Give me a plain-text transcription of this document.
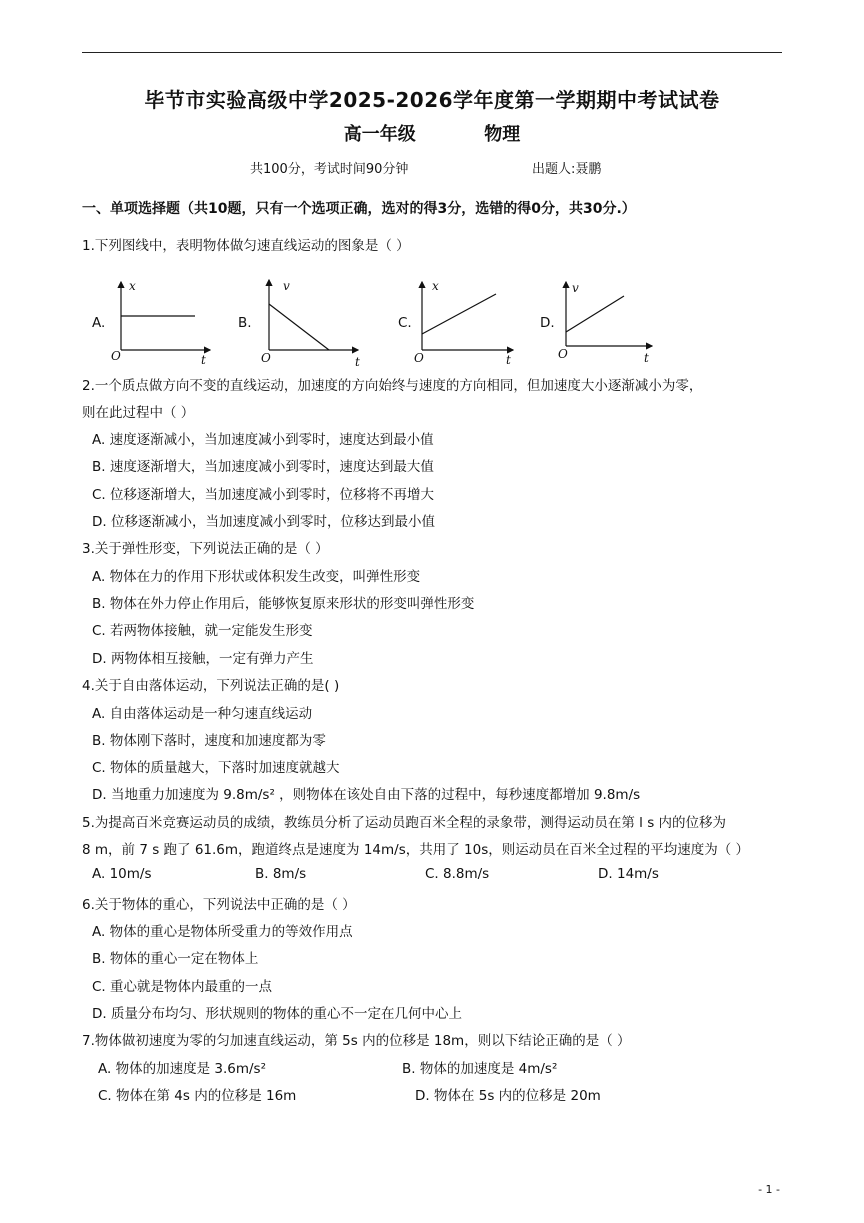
毕节市实验高级中学2025-2026学年度第一学期期中考试试卷
高一年级	物理
共100分，考试时间90分钟	出题人:聂鹏
一、单项选择题（共10题，只有一个选项正确，选对的得3分，选错的得0分，共30分.）
1.下列图线中，表明物体做匀速直线运动的图象是（ ）
A.
x
t
O
B.
v
t
O
C.
x
t
O
D.
v
t
O
2.一个质点做方向不变的直线运动，加速度的方向始终与速度的方向相同，但加速度大小逐渐减小为零，
则在此过程中（ ）
A. 速度逐渐减小，当加速度减小到零时，速度达到最小值
B. 速度逐渐增大，当加速度减小到零时，速度达到最大值
C. 位移逐渐增大，当加速度减小到零时，位移将不再增大
D. 位移逐渐减小，当加速度减小到零时，位移达到最小值
3.关于弹性形变，下列说法正确的是（ ）
A. 物体在力的作用下形状或体积发生改变，叫弹性形变
B. 物体在外力停止作用后，能够恢复原来形状的形变叫弹性形变
C. 若两物体接触，就一定能发生形变
D. 两物体相互接触，一定有弹力产生
4.关于自由落体运动，下列说法正确的是( )
A. 自由落体运动是一种匀速直线运动
B. 物体刚下落时，速度和加速度都为零
C. 物体的质量越大，下落时加速度就越大
D. 当地重力加速度为 9.8m/s² ，则物体在该处自由下落的过程中，每秒速度都增加 9.8m/s
5.为提高百米竞赛运动员的成绩，教练员分析了运动员跑百米全程的录象带，测得运动员在第 l s 内的位移为
8 m，前 7 s 跑了 61.6m，跑道终点是速度为 14m/s，共用了 10s，则运动员在百米全过程的平均速度为（ ）
A. 10m/s	B. 8m/s	C. 8.8m/s	D. 14m/s
6.关于物体的重心，下列说法中正确的是（ ）
A. 物体的重心是物体所受重力的等效作用点
B. 物体的重心一定在物体上
C. 重心就是物体内最重的一点
D. 质量分布均匀、形状规则的物体的重心不一定在几何中心上
7.物体做初速度为零的匀加速直线运动，第 5s 内的位移是 18m，则以下结论正确的是（ ）
A. 物体的加速度是 3.6m/s²	B. 物体的加速度是 4m/s²
C. 物体在第 4s 内的位移是 16m	D. 物体在 5s 内的位移是 20m
- 1 -
